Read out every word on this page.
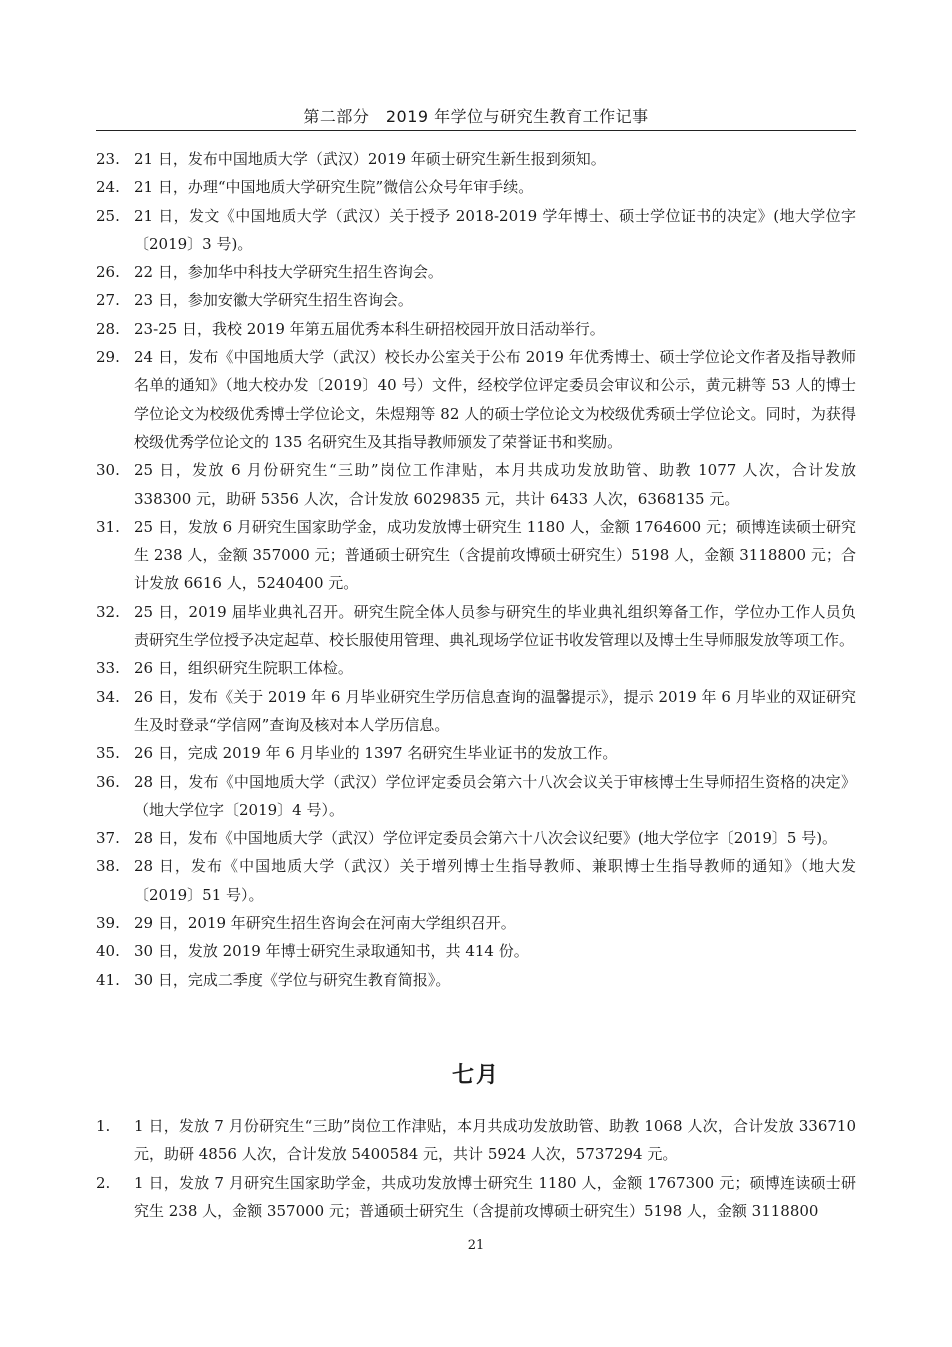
第二部分　2019 年学位与研究生教育工作记事
23. 21 日，发布中国地质大学（武汉）2019 年硕士研究生新生报到须知。
24. 21 日，办理“中国地质大学研究生院”微信公众号年审手续。
25. 21 日，发文《中国地质大学（武汉）关于授予 2018-2019 学年博士、硕士学位证书的决定》(地大学位字〔2019〕3 号)。
26. 22 日，参加华中科技大学研究生招生咨询会。
27. 23 日，参加安徽大学研究生招生咨询会。
28. 23-25 日，我校 2019 年第五届优秀本科生研招校园开放日活动举行。
29. 24 日，发布《中国地质大学（武汉）校长办公室关于公布 2019 年优秀博士、硕士学位论文作者及指导教师名单的通知》（地大校办发〔2019〕40 号）文件，经校学位评定委员会审议和公示，黄元耕等 53 人的博士学位论文为校级优秀博士学位论文，朱煜翔等 82 人的硕士学位论文为校级优秀硕士学位论文。同时，为获得校级优秀学位论文的 135 名研究生及其指导教师颁发了荣誉证书和奖励。
30. 25 日，发放 6 月份研究生“三助”岗位工作津贴，本月共成功发放助管、助教 1077 人次，合计发放 338300 元，助研 5356 人次，合计发放 6029835 元，共计 6433 人次，6368135 元。
31. 25 日，发放 6 月研究生国家助学金，成功发放博士研究生 1180 人，金额 1764600 元；硕博连读硕士研究生 238 人，金额 357000 元；普通硕士研究生（含提前攻博硕士研究生）5198 人，金额 3118800 元；合计发放 6616 人，5240400 元。
32. 25 日，2019 届毕业典礼召开。研究生院全体人员参与研究生的毕业典礼组织筹备工作，学位办工作人员负责研究生学位授予决定起草、校长服使用管理、典礼现场学位证书收发管理以及博士生导师服发放等项工作。
33. 26 日，组织研究生院职工体检。
34. 26 日，发布《关于 2019 年 6 月毕业研究生学历信息查询的温馨提示》，提示 2019 年 6 月毕业的双证研究生及时登录“学信网”查询及核对本人学历信息。
35. 26 日，完成 2019 年 6 月毕业的 1397 名研究生毕业证书的发放工作。
36. 28 日，发布《中国地质大学（武汉）学位评定委员会第六十八次会议关于审核博士生导师招生资格的决定》（地大学位字〔2019〕4 号）。
37. 28 日，发布《中国地质大学（武汉）学位评定委员会第六十八次会议纪要》(地大学位字〔2019〕5 号)。
38. 28 日，发布《中国地质大学（武汉）关于增列博士生指导教师、兼职博士生指导教师的通知》（地大发〔2019〕51 号）。
39. 29 日，2019 年研究生招生咨询会在河南大学组织召开。
40. 30 日，发放 2019 年博士研究生录取通知书，共 414 份。
41. 30 日，完成二季度《学位与研究生教育简报》。
七月
1. 1 日，发放 7 月份研究生“三助”岗位工作津贴，本月共成功发放助管、助教 1068 人次，合计发放 336710 元，助研 4856 人次，合计发放 5400584 元，共计 5924 人次，5737294 元。
2. 1 日，发放 7 月研究生国家助学金，共成功发放博士研究生 1180 人，金额 1767300 元；硕博连读硕士研究生 238 人，金额 357000 元；普通硕士研究生（含提前攻博硕士研究生）5198 人，金额 3118800
21
